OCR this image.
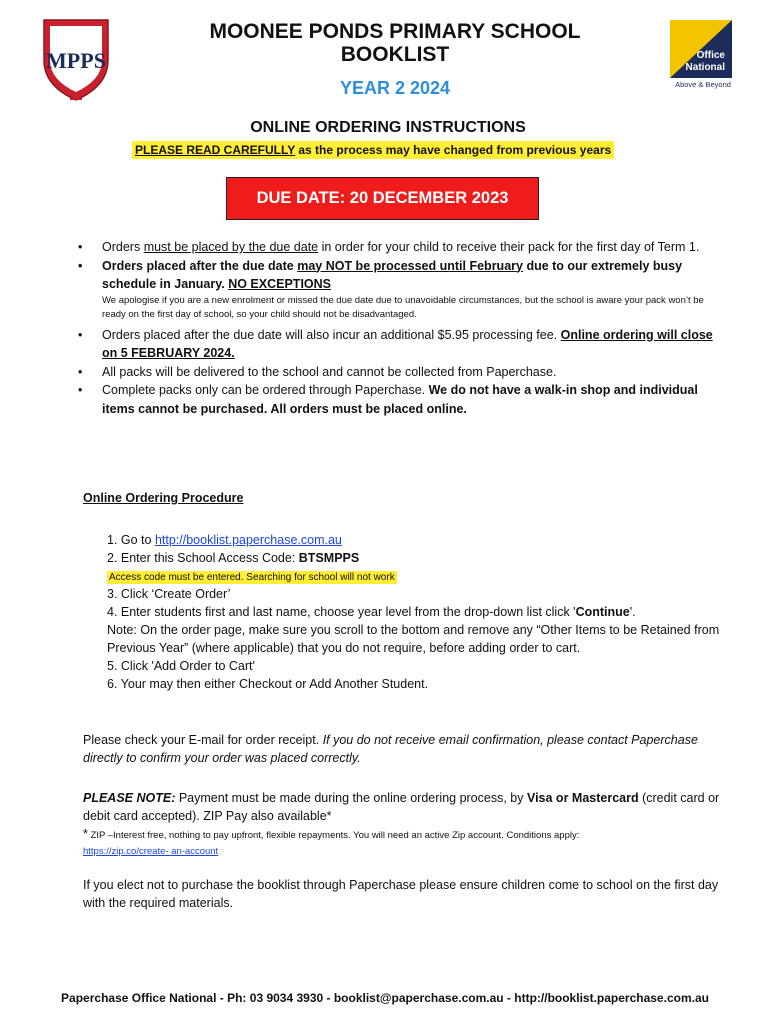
MPPS	Office
National
Above & Beyond
MOONEE PONDS PRIMARY SCHOOL BOOKLIST
YEAR 2 2024
ONLINE ORDERING INSTRUCTIONS
PLEASE READ CAREFULLY as the process may have changed from previous years
DUE DATE: 20 DECEMBER 2023
• Orders must be placed by the due date in order for your child to receive their pack for the first day of Term 1.
• Orders placed after the due date may NOT be processed until February due to our extremely busy schedule in January. NO EXCEPTIONS
We apologise if you are a new enrolment or missed the due date due to unavoidable circumstances, but the school is aware your pack won’t be ready on the first day of school, so your child should not be disadvantaged.
• Orders placed after the due date will also incur an additional $5.95 processing fee. Online ordering will close on 5 FEBRUARY 2024.
• All packs will be delivered to the school and cannot be collected from Paperchase.
• Complete packs only can be ordered through Paperchase. We do not have a walk-in shop and individual items cannot be purchased. All orders must be placed online.
Online Ordering Procedure
1. Go to http://booklist.paperchase.com.au
2. Enter this School Access Code: BTSMPPS
Access code must be entered. Searching for school will not work
3. Click ‘Create Order’
4. Enter students first and last name, choose year level from the drop-down list click 'Continue'.
Note: On the order page, make sure you scroll to the bottom and remove any “Other Items to be Retained from Previous Year” (where applicable) that you do not require, before adding order to cart.
5. Click 'Add Order to Cart'
6. Your may then either Checkout or Add Another Student.
Please check your E-mail for order receipt. If you do not receive email confirmation, please contact Paperchase directly to confirm your order was placed correctly.
PLEASE NOTE: Payment must be made during the online ordering process, by Visa or Mastercard (credit card or debit card accepted). ZIP Pay also available*
* ZIP –Interest free, nothing to pay upfront, flexible repayments. You will need an active Zip account. Conditions apply:
https://zip.co/create- an-account
If you elect not to purchase the booklist through Paperchase please ensure children come to school on the first day with the required materials.
Paperchase Office National - Ph: 03 9034 3930 - booklist@paperchase.com.au - http://booklist.paperchase.com.au
